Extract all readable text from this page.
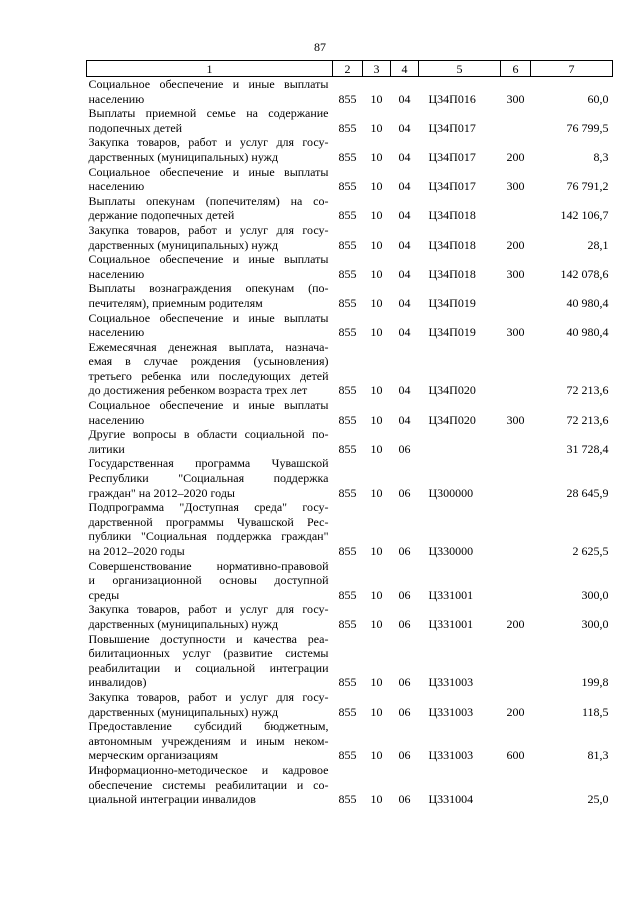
87
1	2	3	4	5	6	7

Социальное обеспечение и иные выплаты
населению	855	10	04	Ц34П016	300	60,0

Выплаты приемной семье на содержание
подопечных детей	855	10	04	Ц34П017		76 799,5

Закупка товаров, работ и услуг для госу-
дарственных (муниципальных) нужд	855	10	04	Ц34П017	200	8,3

Социальное обеспечение и иные выплаты
населению	855	10	04	Ц34П017	300	76 791,2

Выплаты опекунам (попечителям) на со-
держание подопечных детей	855	10	04	Ц34П018		142 106,7

Закупка товаров, работ и услуг для госу-
дарственных (муниципальных) нужд	855	10	04	Ц34П018	200	28,1

Социальное обеспечение и иные выплаты
населению	855	10	04	Ц34П018	300	142 078,6

Выплаты вознаграждения опекунам (по-
печителям), приемным родителям	855	10	04	Ц34П019		40 980,4

Социальное обеспечение и иные выплаты
населению	855	10	04	Ц34П019	300	40 980,4

Ежемесячная денежная выплата, назнача-
емая в случае рождения (усыновления)
третьего ребенка или последующих детей
до достижения ребенком возраста трех лет	855	10	04	Ц34П020		72 213,6

Социальное обеспечение и иные выплаты
населению	855	10	04	Ц34П020	300	72 213,6

Другие вопросы в области социальной по-
литики	855	10	06			31 728,4

Государственная программа Чувашской
Республики "Социальная поддержка
граждан" на 2012–2020 годы	855	10	06	Ц300000		28 645,9

Подпрограмма "Доступная среда" госу-
дарственной программы Чувашской Рес-
публики "Социальная поддержка граждан"
на 2012–2020 годы	855	10	06	Ц330000		2 625,5

Совершенствование нормативно-правовой
и организационной основы доступной
среды	855	10	06	Ц331001		300,0

Закупка товаров, работ и услуг для госу-
дарственных (муниципальных) нужд	855	10	06	Ц331001	200	300,0

Повышение доступности и качества реа-
билитационных услуг (развитие системы
реабилитации и социальной интеграции
инвалидов)	855	10	06	Ц331003		199,8

Закупка товаров, работ и услуг для госу-
дарственных (муниципальных) нужд	855	10	06	Ц331003	200	118,5

Предоставление субсидий бюджетным,
автономным учреждениям и иным неком-
мерческим организациям	855	10	06	Ц331003	600	81,3

Информационно-методическое и кадровое
обеспечение системы реабилитации и со-
циальной интеграции инвалидов	855	10	06	Ц331004		25,0
